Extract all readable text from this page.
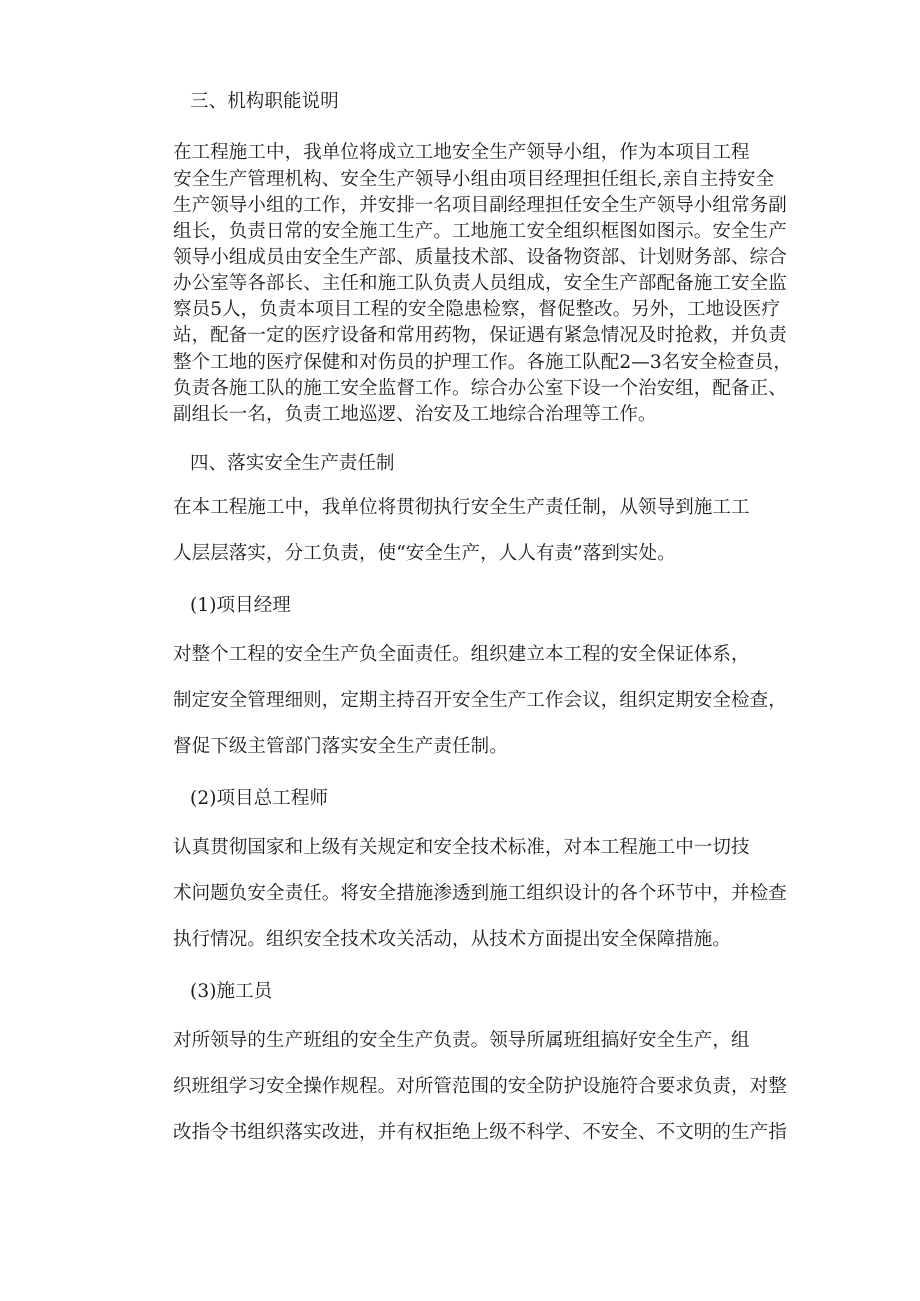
三、机构职能说明
在工程施工中，我单位将成立工地安全生产领导小组，作为本项目工程
安全生产管理机构、安全生产领导小组由项目经理担任组长,亲自主持安全
生产领导小组的工作，并安排一名项目副经理担任安全生产领导小组常务副
组长，负责日常的安全施工生产。工地施工安全组织框图如图示。安全生产
领导小组成员由安全生产部、质量技术部、设备物资部、计划财务部、综合
办公室等各部长、主任和施工队负责人员组成，安全生产部配备施工安全监
察员5人，负责本项目工程的安全隐患检察，督促整改。另外，工地设医疗
站，配备一定的医疗设备和常用药物，保证遇有紧急情况及时抢救，并负责
整个工地的医疗保健和对伤员的护理工作。各施工队配2—3名安全检查员，
负责各施工队的施工安全监督工作。综合办公室下设一个治安组，配备正、
副组长一名，负责工地巡逻、治安及工地综合治理等工作。
四、落实安全生产责任制
在本工程施工中，我单位将贯彻执行安全生产责任制，从领导到施工工
人层层落实，分工负责，使“安全生产，人人有责”落到实处。
(1)项目经理
对整个工程的安全生产负全面责任。组织建立本工程的安全保证体系，
制定安全管理细则，定期主持召开安全生产工作会议，组织定期安全检查，
督促下级主管部门落实安全生产责任制。
(2)项目总工程师
认真贯彻国家和上级有关规定和安全技术标准，对本工程施工中一切技
术问题负安全责任。将安全措施渗透到施工组织设计的各个环节中，并检查
执行情况。组织安全技术攻关活动，从技术方面提出安全保障措施。
(3)施工员
对所领导的生产班组的安全生产负责。领导所属班组搞好安全生产，组
织班组学习安全操作规程。对所管范围的安全防护设施符合要求负责，对整
改指令书组织落实改进，并有权拒绝上级不科学、不安全、不文明的生产指
